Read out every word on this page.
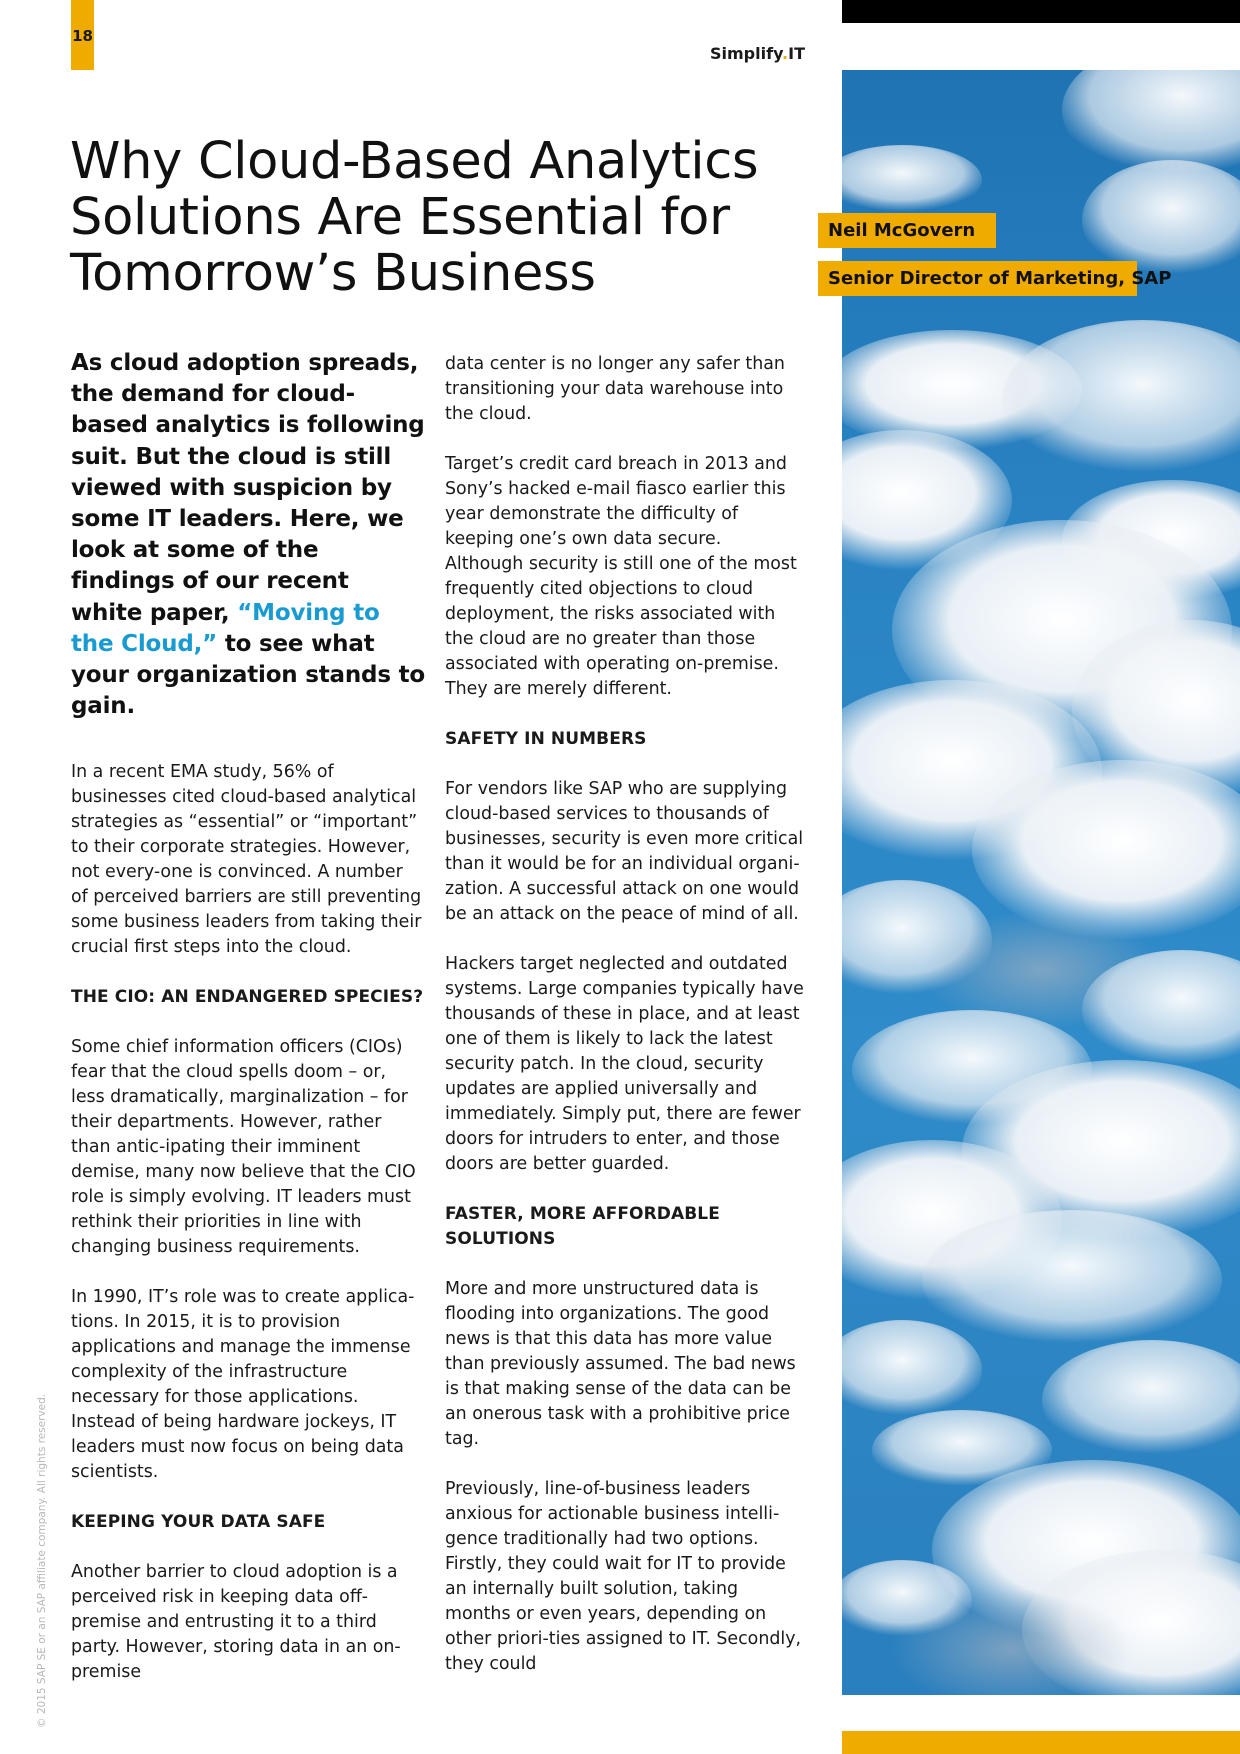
18
Simplify.IT
Neil McGovern
Senior Director of Marketing, SAP
Why Cloud-Based Analytics Solutions Are Essential for Tomorrow’s Business

As cloud adoption spreads, the demand for cloud-based analytics is following suit. But the cloud is still viewed with suspicion by some IT leaders. Here, we look at some of the findings of our recent white paper, “Moving to the Cloud,” to see what your organization stands to gain.

In a recent EMA study, 56% of businesses cited cloud-based analytical strategies as “essential” or “important” to their corporate strategies. However, not every-one is convinced. A number of perceived barriers are still preventing some business leaders from taking their crucial first steps into the cloud.

THE CIO: AN ENDANGERED SPECIES?

Some chief information officers (CIOs) fear that the cloud spells doom – or, less dramatically, marginalization – for their departments. However, rather than antic-ipating their imminent demise, many now believe that the CIO role is simply evolving. IT leaders must rethink their priorities in line with changing business requirements.

In 1990, IT’s role was to create applica-tions. In 2015, it is to provision applications and manage the immense complexity of the infrastructure necessary for those applications. Instead of being hardware jockeys, IT leaders must now focus on being data scientists.

KEEPING YOUR DATA SAFE

Another barrier to cloud adoption is a perceived risk in keeping data off-premise and entrusting it to a third party. However, storing data in an on-premise

data center is no longer any safer than transitioning your data warehouse into the cloud.

Target’s credit card breach in 2013 and Sony’s hacked e-mail fiasco earlier this year demonstrate the difficulty of keeping one’s own data secure. Although security is still one of the most frequently cited objections to cloud deployment, the risks associated with the cloud are no greater than those associated with operating on-premise. They are merely different.

SAFETY IN NUMBERS

For vendors like SAP who are supplying cloud-based services to thousands of businesses, security is even more critical than it would be for an individual organi-zation. A successful attack on one would be an attack on the peace of mind of all.

Hackers target neglected and outdated systems. Large companies typically have thousands of these in place, and at least one of them is likely to lack the latest security patch. In the cloud, security updates are applied universally and immediately. Simply put, there are fewer doors for intruders to enter, and those doors are better guarded.

FASTER, MORE AFFORDABLE SOLUTIONS

More and more unstructured data is flooding into organizations. The good news is that this data has more value than previously assumed. The bad news is that making sense of the data can be an onerous task with a prohibitive price tag.

Previously, line-of-business leaders anxious for actionable business intelli-gence traditionally had two options. Firstly, they could wait for IT to provide an internally built solution, taking months or even years, depending on other priori-ties assigned to IT. Secondly, they could

© 2015 SAP SE or an SAP affiliate company. All rights reserved.
